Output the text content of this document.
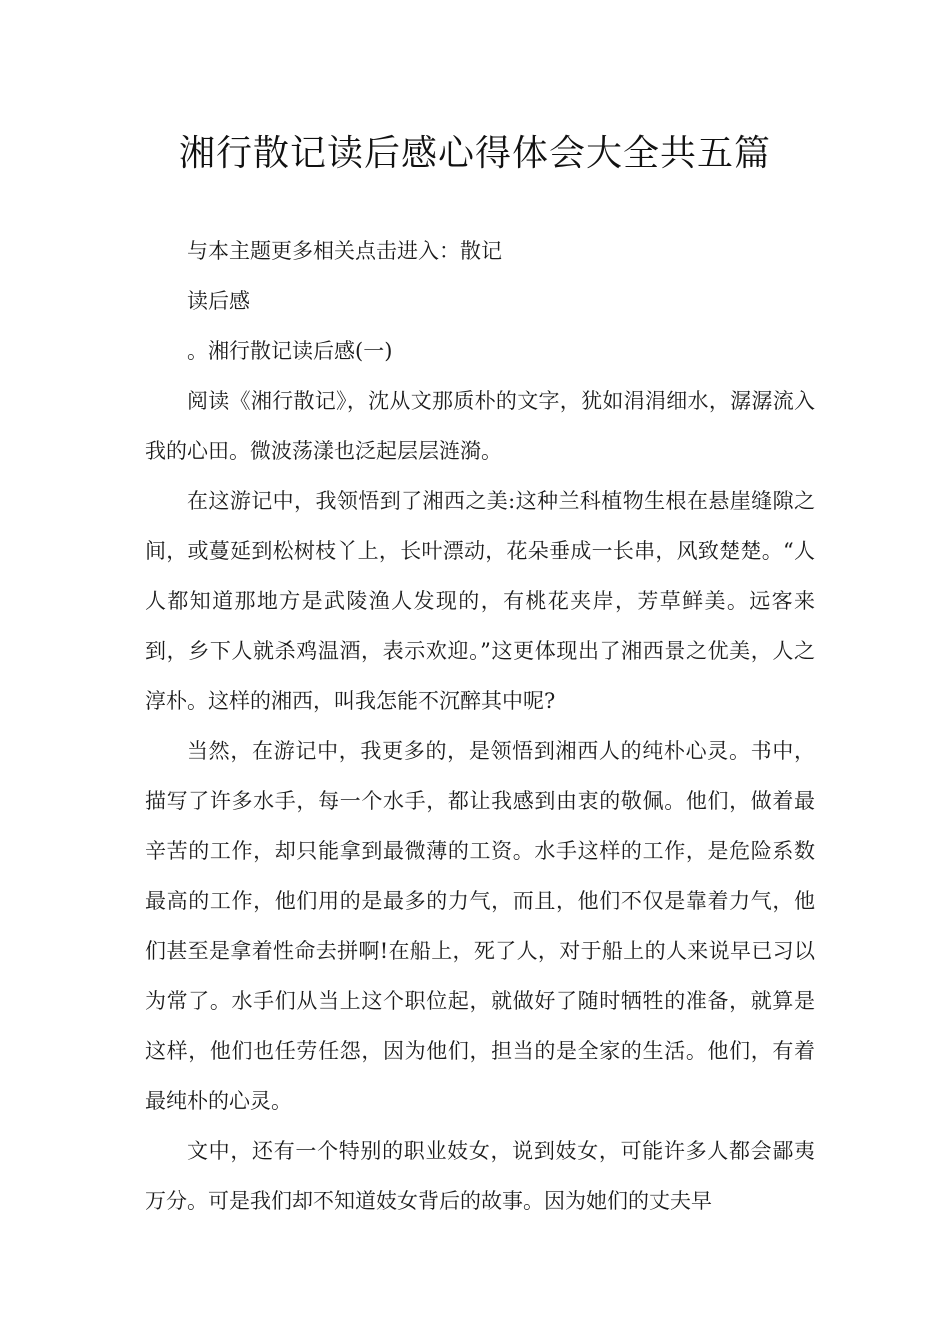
湘行散记读后感心得体会大全共五篇

与本主题更多相关点击进入：散记

读后感

。湘行散记读后感(一)

阅读《湘行散记》，沈从文那质朴的文字，犹如涓涓细水，潺潺流入我的心田。微波荡漾也泛起层层涟漪。

在这游记中，我领悟到了湘西之美:这种兰科植物生根在悬崖缝隙之间，或蔓延到松树枝丫上，长叶漂动，花朵垂成一长串，风致楚楚。“人人都知道那地方是武陵渔人发现的，有桃花夹岸，芳草鲜美。远客来到，乡下人就杀鸡温酒，表示欢迎。”这更体现出了湘西景之优美，人之淳朴。这样的湘西，叫我怎能不沉醉其中呢?

当然，在游记中，我更多的，是领悟到湘西人的纯朴心灵。书中，描写了许多水手，每一个水手，都让我感到由衷的敬佩。他们，做着最辛苦的工作，却只能拿到最微薄的工资。水手这样的工作，是危险系数最高的工作，他们用的是最多的力气，而且，他们不仅是靠着力气，他们甚至是拿着性命去拼啊!在船上，死了人，对于船上的人来说早已习以为常了。水手们从当上这个职位起，就做好了随时牺牲的准备，就算是这样，他们也任劳任怨，因为他们，担当的是全家的生活。他们，有着最纯朴的心灵。

文中，还有一个特别的职业妓女，说到妓女，可能许多人都会鄙夷万分。可是我们却不知道妓女背后的故事。因为她们的丈夫早
